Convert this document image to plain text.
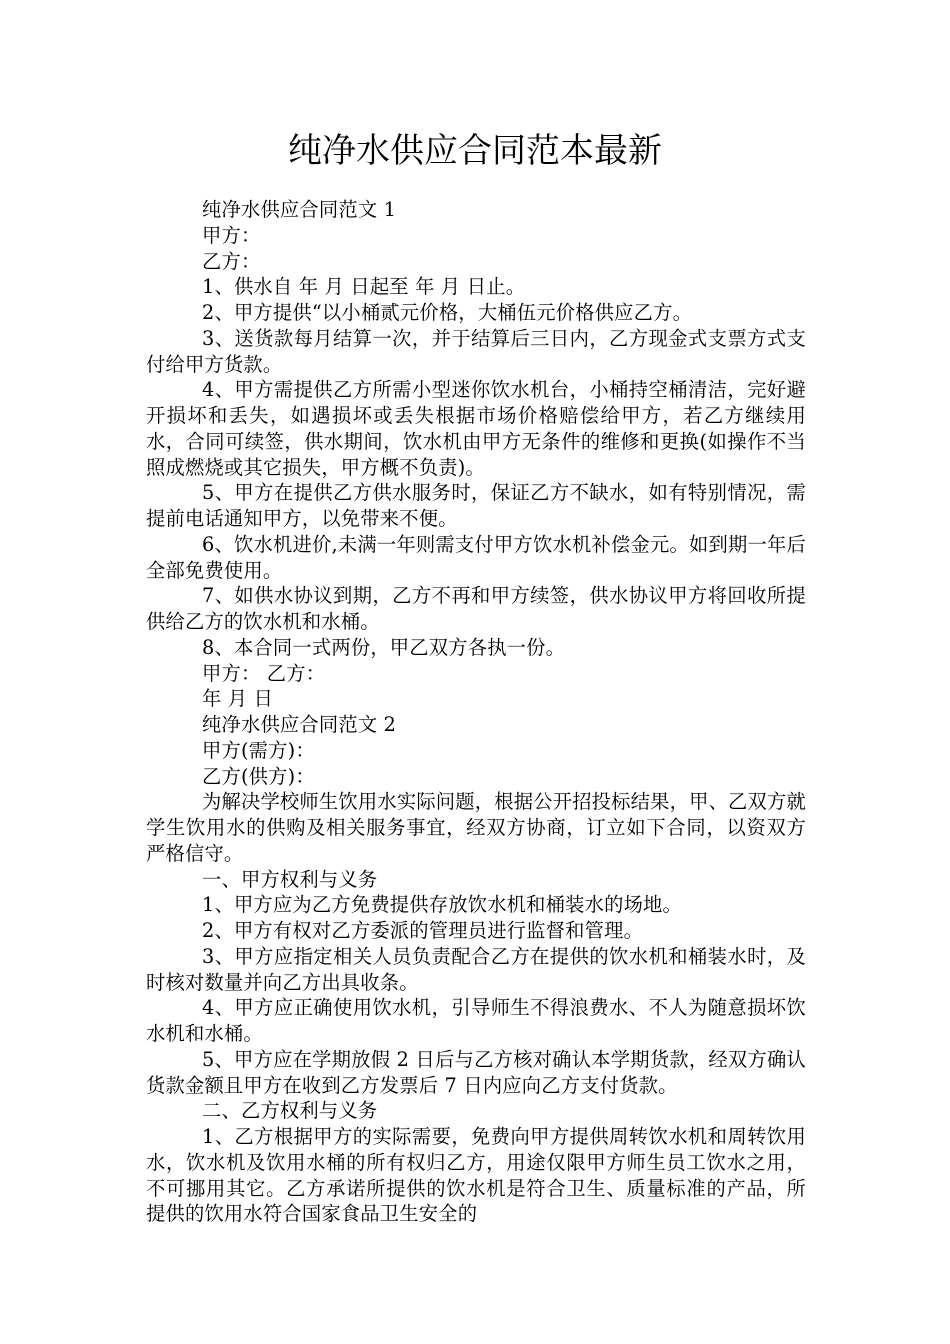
纯净水供应合同范本最新

纯净水供应合同范文 1

甲方：

乙方：

1、供水自 年 月 日起至 年 月 日止。

2、甲方提供“以小桶贰元价格，大桶伍元价格供应乙方。

3、送货款每月结算一次，并于结算后三日内，乙方现金式支票方式支付给甲方货款。

4、甲方需提供乙方所需小型迷你饮水机台，小桶持空桶清洁，完好避开损坏和丢失，如遇损坏或丢失根据市场价格赔偿给甲方，若乙方继续用水，合同可续签，供水期间，饮水机由甲方无条件的维修和更换(如操作不当照成燃烧或其它损失，甲方概不负责)。

5、甲方在提供乙方供水服务时，保证乙方不缺水，如有特别情况，需提前电话通知甲方，以免带来不便。

6、饮水机进价,未满一年则需支付甲方饮水机补偿金元。如到期一年后全部免费使用。

7、如供水协议到期，乙方不再和甲方续签，供水协议甲方将回收所提供给乙方的饮水机和水桶。

8、本合同一式两份，甲乙双方各执一份。

甲方： 乙方：

年 月 日

纯净水供应合同范文 2

甲方(需方)：

乙方(供方)：

为解决学校师生饮用水实际问题，根据公开招投标结果，甲、乙双方就学生饮用水的供购及相关服务事宜，经双方协商，订立如下合同，以资双方严格信守。

一、甲方权利与义务

1、甲方应为乙方免费提供存放饮水机和桶装水的场地。

2、甲方有权对乙方委派的管理员进行监督和管理。

3、甲方应指定相关人员负责配合乙方在提供的饮水机和桶装水时，及时核对数量并向乙方出具收条。

4、甲方应正确使用饮水机，引导师生不得浪费水、不人为随意损坏饮水机和水桶。

5、甲方应在学期放假 2 日后与乙方核对确认本学期货款，经双方确认货款金额且甲方在收到乙方发票后 7 日内应向乙方支付货款。

二、乙方权利与义务

1、乙方根据甲方的实际需要，免费向甲方提供周转饮水机和周转饮用水，饮水机及饮用水桶的所有权归乙方，用途仅限甲方师生员工饮水之用，不可挪用其它。乙方承诺所提供的饮水机是符合卫生、质量标准的产品，所提供的饮用水符合国家食品卫生安全的
